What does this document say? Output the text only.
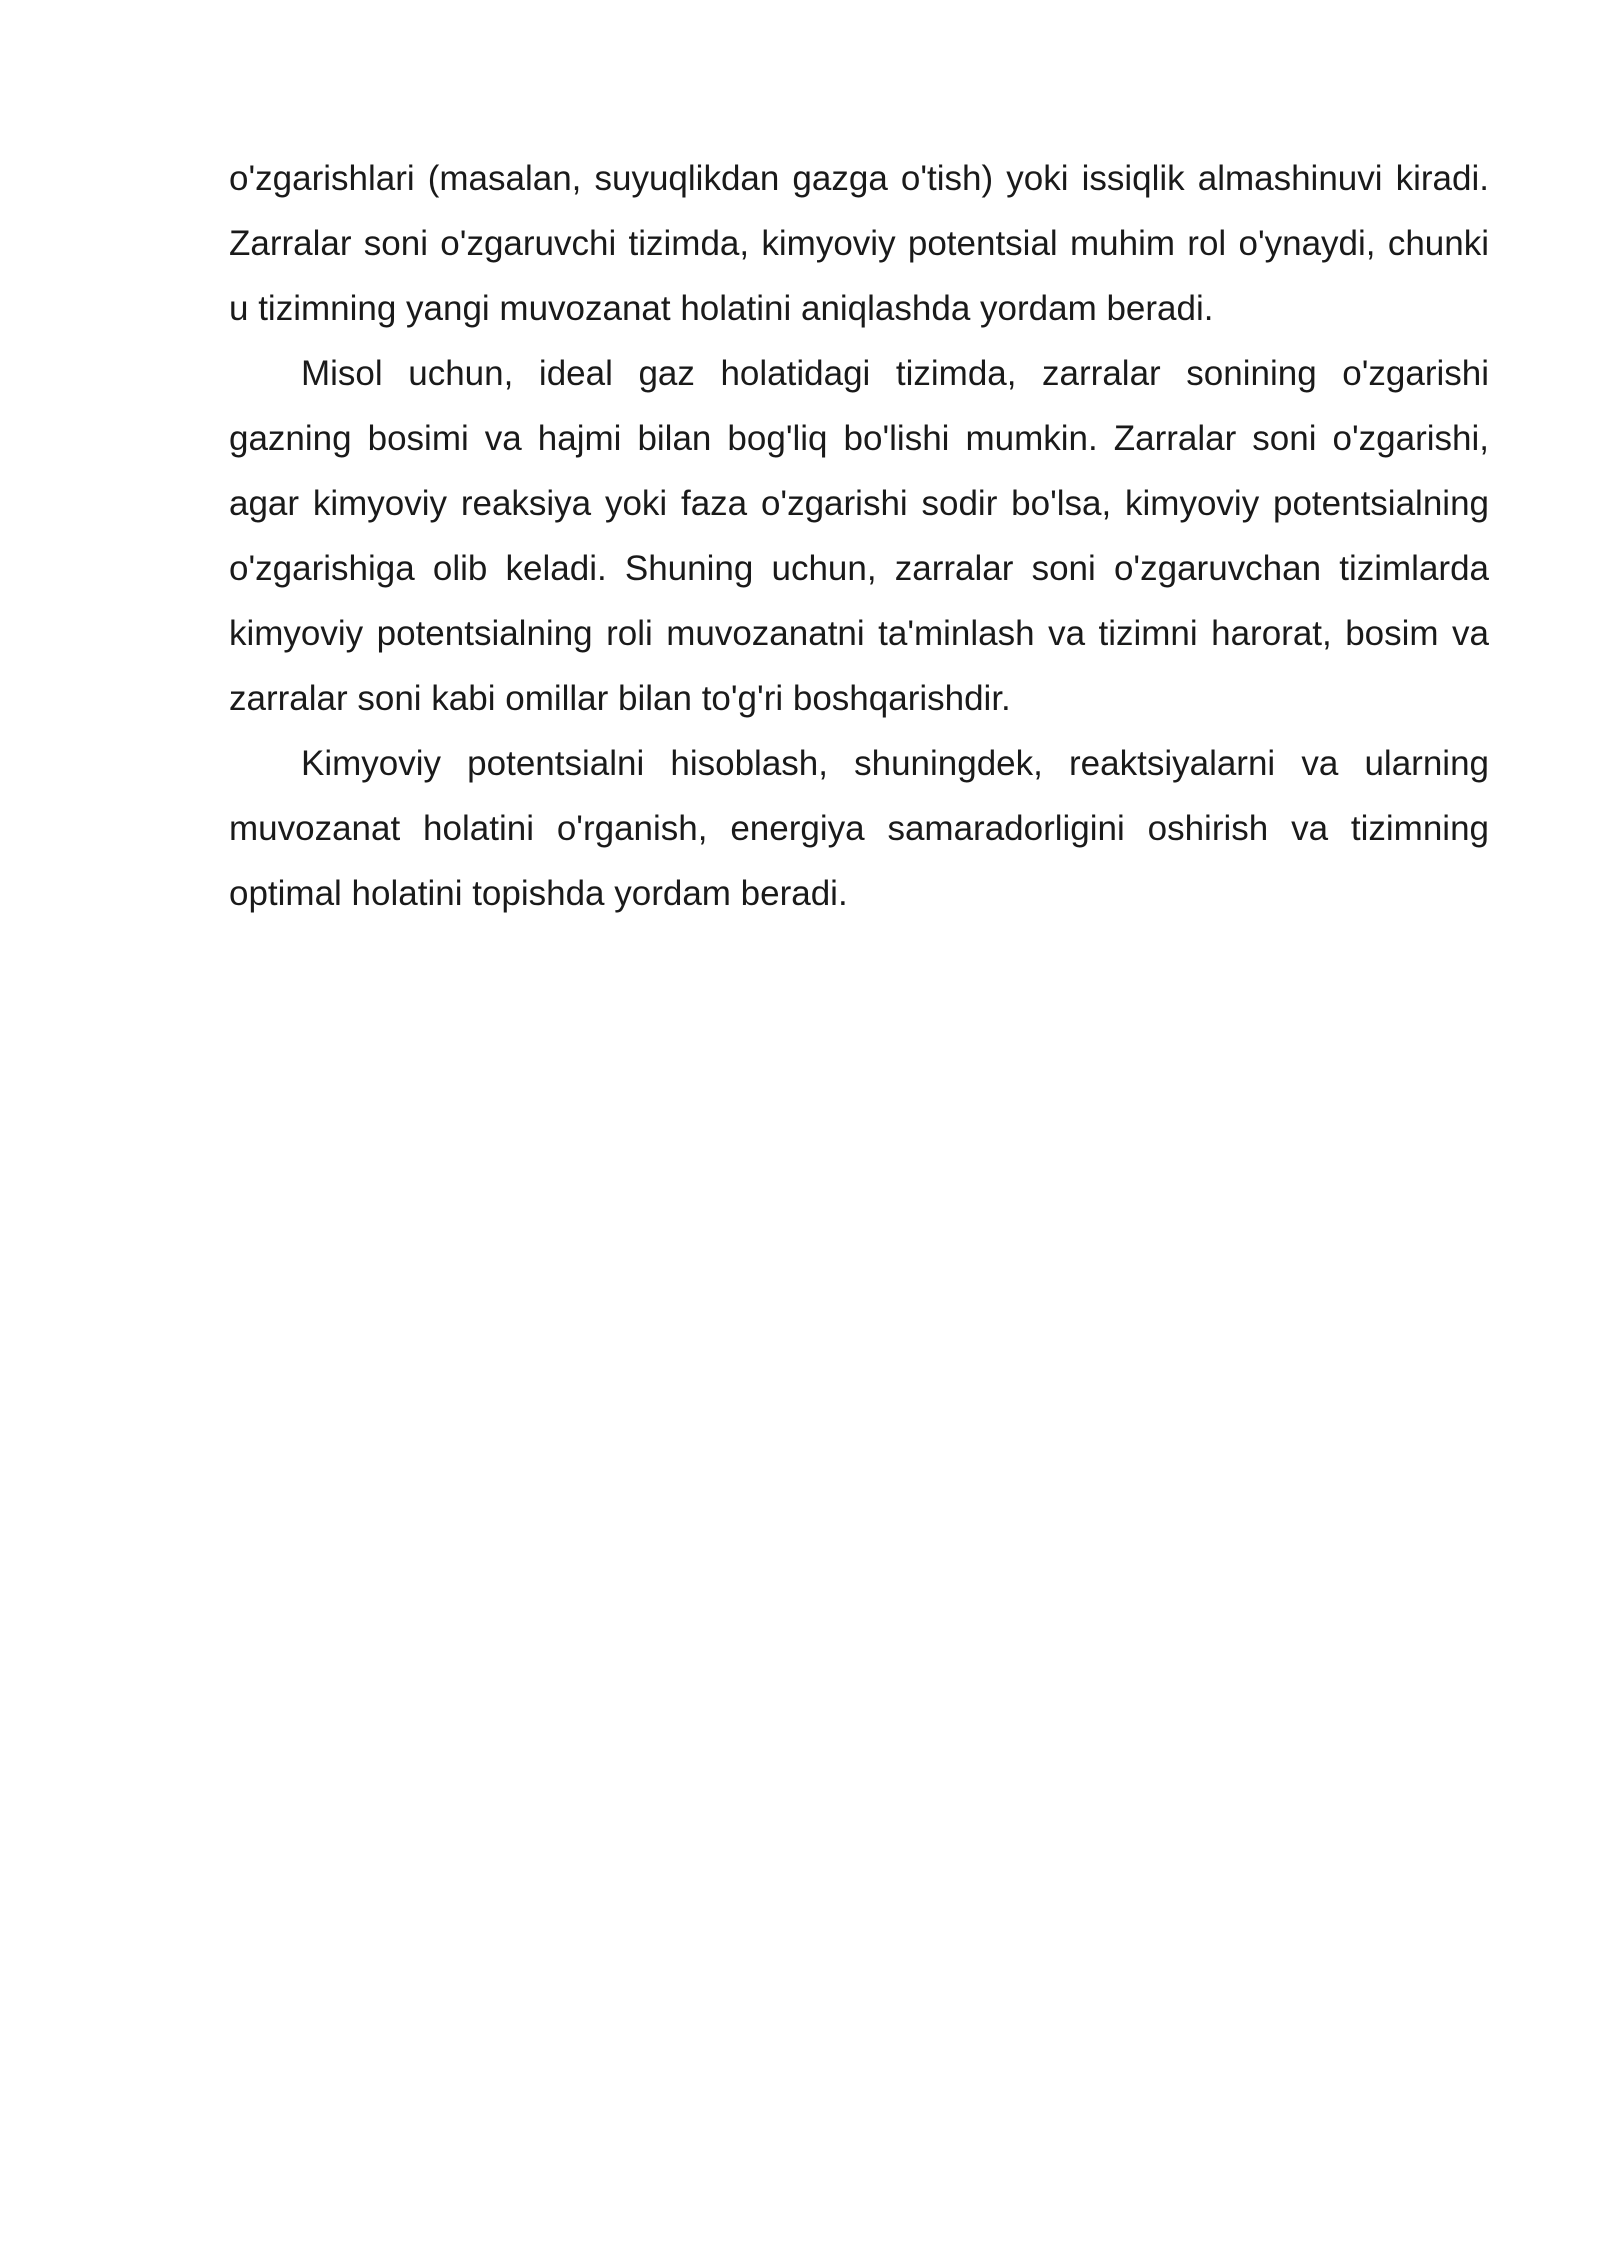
o'zgarishlari (masalan, suyuqlikdan gazga o'tish) yoki issiqlik almashinuvi kiradi. Zarralar soni o'zgaruvchi tizimda, kimyoviy potentsial muhim rol o'ynaydi, chunki u tizimning yangi muvozanat holatini aniqlashda yordam beradi.

Misol uchun, ideal gaz holatidagi tizimda, zarralar sonining o'zgarishi gazning bosimi va hajmi bilan bog'liq bo'lishi mumkin. Zarralar soni o'zgarishi, agar kimyoviy reaksiya yoki faza o'zgarishi sodir bo'lsa, kimyoviy potentsialning o'zgarishiga olib keladi. Shuning uchun, zarralar soni o'zgaruvchan tizimlarda kimyoviy potentsialning roli muvozanatni ta'minlash va tizimni harorat, bosim va zarralar soni kabi omillar bilan to'g'ri boshqarishdir.

Kimyoviy potentsialni hisoblash, shuningdek, reaktsiyalarni va ularning muvozanat holatini o'rganish, energiya samaradorligini oshirish va tizimning optimal holatini topishda yordam beradi.
